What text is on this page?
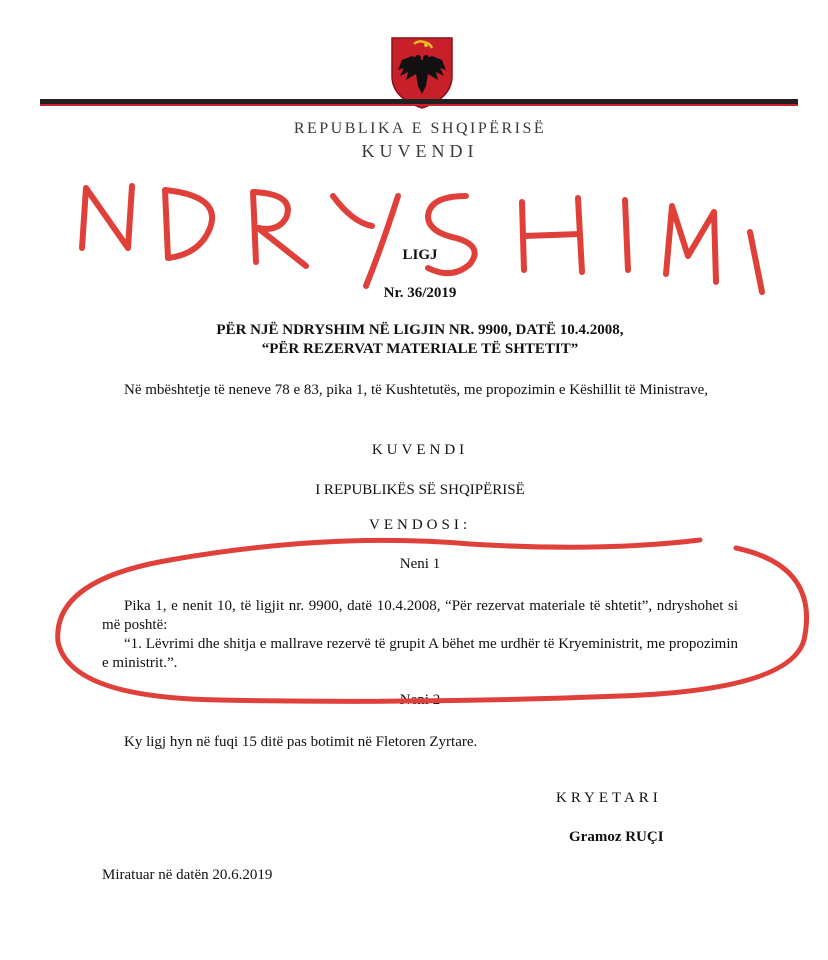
REPUBLIKA E SHQIPËRISË
KUVENDI
LIGJ
Nr. 36/2019
PËR NJË NDRYSHIM NË LIGJIN NR. 9900, DATË 10.4.2008,
“PËR REZERVAT MATERIALE TË SHTETIT”
Në mbështetje të neneve 78 e 83, pika 1, të Kushtetutës, me propozimin e Këshillit të Ministrave,
KUVENDI
I REPUBLIKËS SË SHQIPËRISË
VENDOSI:
Neni 1
Pika 1, e nenit 10, të ligjit nr. 9900, datë 10.4.2008, “Për rezervat materiale të shtetit”, ndryshohet si më poshtë:
“1. Lëvrimi dhe shitja e mallrave rezervë të grupit A bëhet me urdhër të Kryeministrit, me propozimin e ministrit.”.
Neni 2
Ky ligj hyn në fuqi 15 ditë pas botimit në Fletoren Zyrtare.
KRYETARI
Gramoz RUÇI
Miratuar në datën 20.6.2019
